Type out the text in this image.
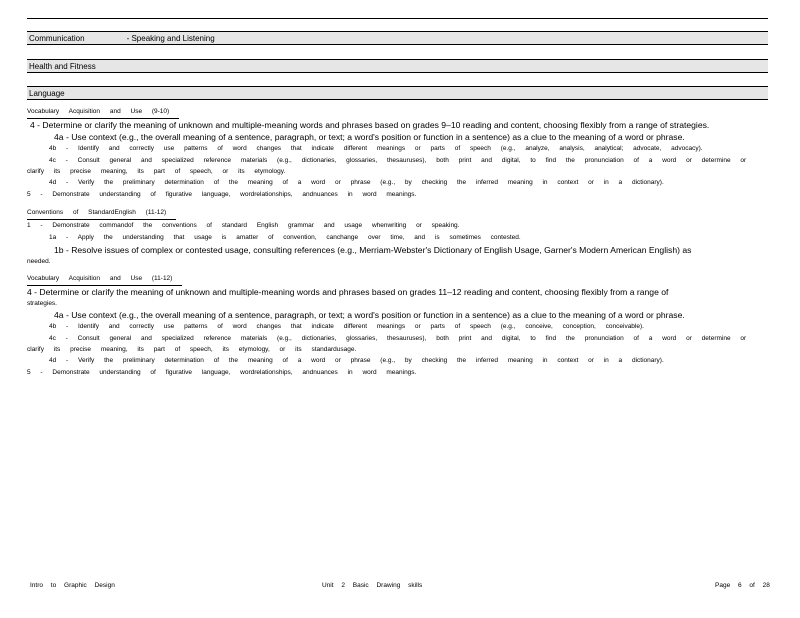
Communication	- Speaking and Listening
Health and Fitness
Language
Vocabulary Acquisition and Use (9-10)
4 - Determine or clarify the meaning of unknown and multiple-meaning words and phrases based on grades 9–10 reading and content, choosing flexibly from a range of strategies.
4a - Use context (e.g., the overall meaning of a sentence, paragraph, or text; a word's position or function in a sentence) as a clue to the meaning of a word or phrase.
4b - Identify and correctly use patterns of word changes that indicate different meanings or parts of speech (e.g., analyze, analysis, analytical; advocate, advocacy).
4c - Consult general and specialized reference materials (e.g., dictionaries, glossaries, thesauruses), both print and digital, to find the pronunciation of a word or determine or
clarify its precise meaning, its part of speech, or its etymology.
4d - Verify the preliminary determination of the meaning of a word or phrase (e.g., by checking the inferred meaning in context or in a dictionary).
5 - Demonstrate understanding of figurative language, wordrelationships, andnuances in word meanings.
Conventions of StandardEnglish (11-12)
1 - Demonstrate commandof the conventions of standard English grammar and usage whenwriting or speaking.
1a - Apply the understanding that usage is amatter of convention, canchange over time, and is sometimes contested.
1b - Resolve issues of complex or contested usage, consulting references (e.g., Merriam-Webster's Dictionary of English Usage, Garner's Modern American English) as
needed.
Vocabulary Acquisition and Use (11-12)
4 - Determine or clarify the meaning of unknown and multiple-meaning words and phrases based on grades 11–12 reading and content, choosing flexibly from a range of
strategies.
4a - Use context (e.g., the overall meaning of a sentence, paragraph, or text; a word's position or function in a sentence) as a clue to the meaning of a word or phrase.
4b - Identify and correctly use patterns of word changes that indicate different meanings or parts of speech (e.g., conceive, conception, conceivable).
4c - Consult general and specialized reference materials (e.g., dictionaries, glossaries, thesauruses), both print and digital, to find the pronunciation of a word or determine or
clarify its precise meaning, its part of speech, its etymology, or its standardusage.
4d - Verify the preliminary determination of the meaning of a word or phrase (e.g., by checking the inferred meaning in context or in a dictionary).
5 - Demonstrate understanding of figurative language, wordrelationships, andnuances in word meanings.
Intro to Graphic Design	Unit 2 Basic Drawing skills	Page 6 of 28
